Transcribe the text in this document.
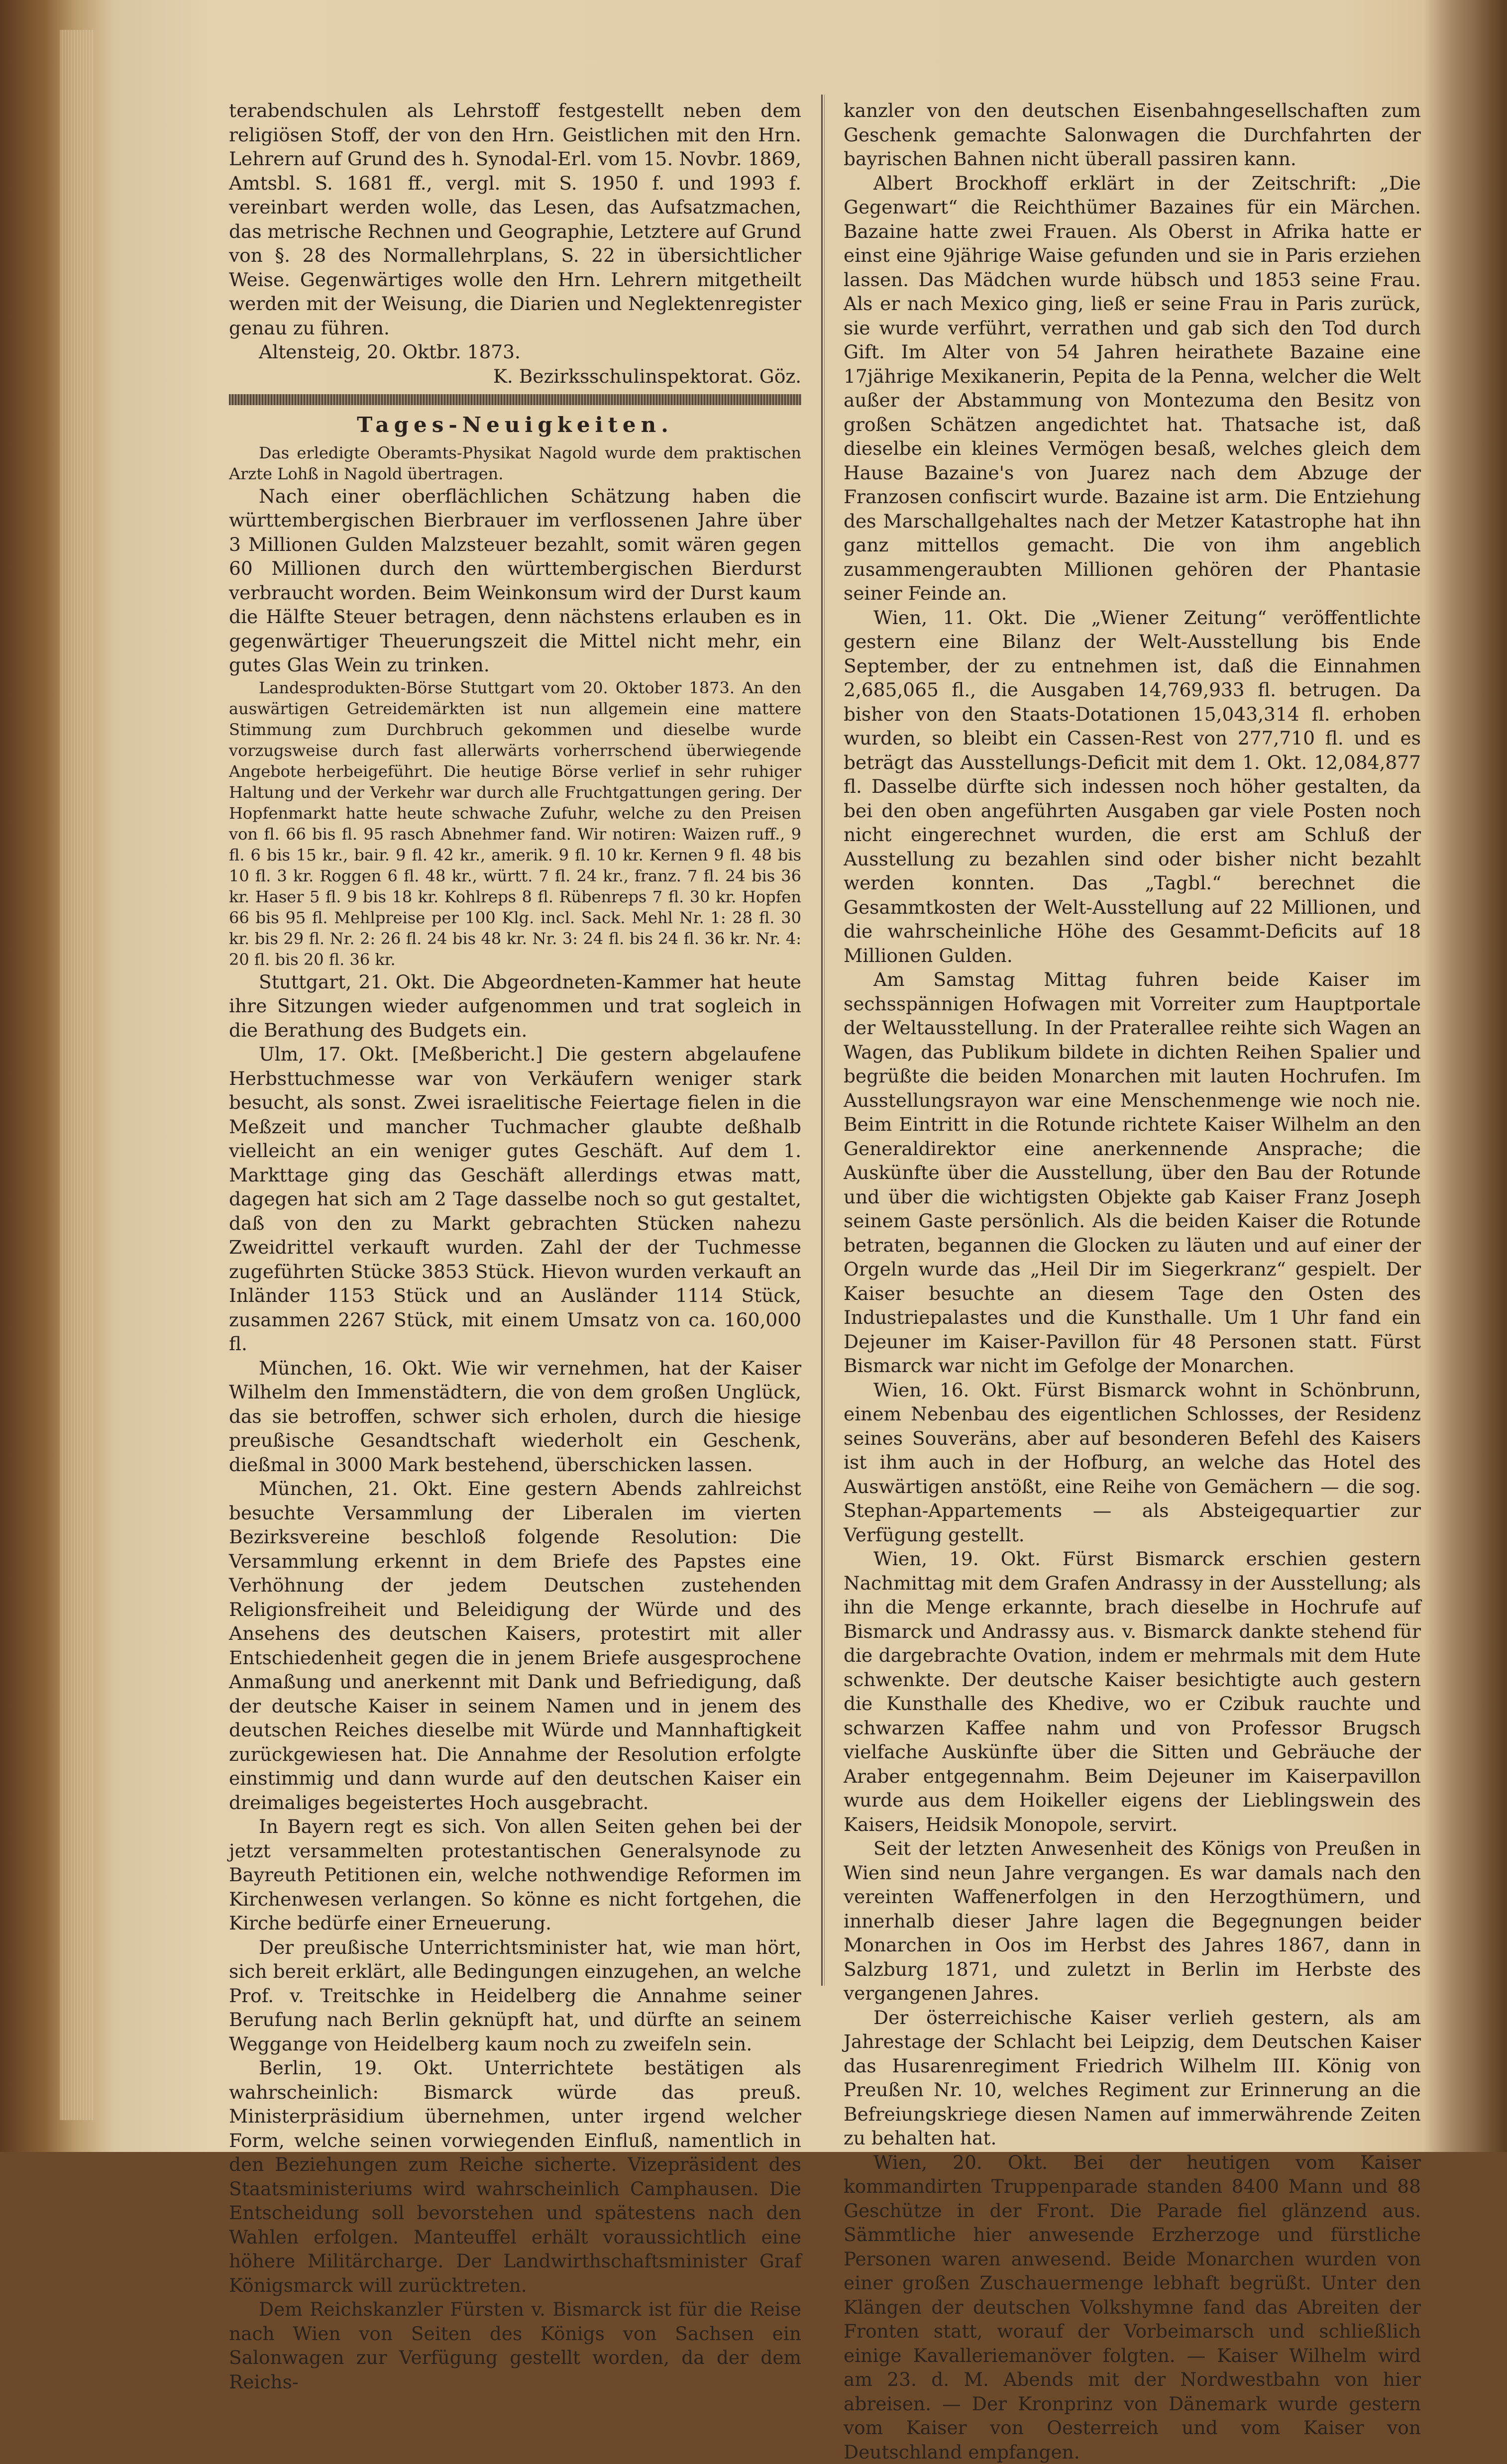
terabendschulen als Lehrstoff festgestellt neben dem religiösen Stoff, der von den Hrn. Geistlichen mit den Hrn. Lehrern auf Grund des h. Synodal-Erl. vom 15. Novbr. 1869, Amtsbl. S. 1681 ff., vergl. mit S. 1950 f. und 1993 f. vereinbart werden wolle, das Lesen, das Aufsatzmachen, das metrische Rechnen und Geographie, Letztere auf Grund von §. 28 des Normallehrplans, S. 22 in übersichtlicher Weise. Gegenwärtiges wolle den Hrn. Lehrern mitgetheilt werden mit der Weisung, die Diarien und Neglektenregister genau zu führen.

Altensteig, 20. Oktbr. 1873.

K. Bezirksschulinspektorat. Göz.

Tages-Neuigkeiten.

Das erledigte Oberamts-Physikat Nagold wurde dem praktischen Arzte Lohß in Nagold übertragen.

Nach einer oberflächlichen Schätzung haben die württembergischen Bierbrauer im verflossenen Jahre über 3 Millionen Gulden Malzsteuer bezahlt, somit wären gegen 60 Millionen durch den württembergischen Bierdurst verbraucht worden. Beim Weinkonsum wird der Durst kaum die Hälfte Steuer betragen, denn nächstens erlauben es in gegenwärtiger Theuerungszeit die Mittel nicht mehr, ein gutes Glas Wein zu trinken.

Landesprodukten-Börse Stuttgart vom 20. Oktober 1873. An den auswärtigen Getreidemärkten ist nun allgemein eine mattere Stimmung zum Durchbruch gekommen und dieselbe wurde vorzugsweise durch fast allerwärts vorherrschend überwiegende Angebote herbeigeführt. Die heutige Börse verlief in sehr ruhiger Haltung und der Verkehr war durch alle Fruchtgattungen gering. Der Hopfenmarkt hatte heute schwache Zufuhr, welche zu den Preisen von fl. 66 bis fl. 95 rasch Abnehmer fand. Wir notiren: Waizen ruff., 9 fl. 6 bis 15 kr., bair. 9 fl. 42 kr., amerik. 9 fl. 10 kr. Kernen 9 fl. 48 bis 10 fl. 3 kr. Roggen 6 fl. 48 kr., württ. 7 fl. 24 kr., franz. 7 fl. 24 bis 36 kr. Haser 5 fl. 9 bis 18 kr. Kohlreps 8 fl. Rübenreps 7 fl. 30 kr. Hopfen 66 bis 95 fl. Mehlpreise per 100 Klg. incl. Sack. Mehl Nr. 1: 28 fl. 30 kr. bis 29 fl. Nr. 2: 26 fl. 24 bis 48 kr. Nr. 3: 24 fl. bis 24 fl. 36 kr. Nr. 4: 20 fl. bis 20 fl. 36 kr.

Stuttgart, 21. Okt. Die Abgeordneten-Kammer hat heute ihre Sitzungen wieder aufgenommen und trat sogleich in die Berathung des Budgets ein.

Ulm, 17. Okt. [Meßbericht.] Die gestern abgelaufene Herbsttuchmesse war von Verkäufern weniger stark besucht, als sonst. Zwei israelitische Feiertage fielen in die Meßzeit und mancher Tuchmacher glaubte deßhalb vielleicht an ein weniger gutes Geschäft. Auf dem 1. Markttage ging das Geschäft allerdings etwas matt, dagegen hat sich am 2 Tage dasselbe noch so gut gestaltet, daß von den zu Markt gebrachten Stücken nahezu Zweidrittel verkauft wurden. Zahl der der Tuchmesse zugeführten Stücke 3853 Stück. Hievon wurden verkauft an Inländer 1153 Stück und an Ausländer 1114 Stück, zusammen 2267 Stück, mit einem Umsatz von ca. 160,000 fl.

München, 16. Okt. Wie wir vernehmen, hat der Kaiser Wilhelm den Immenstädtern, die von dem großen Unglück, das sie betroffen, schwer sich erholen, durch die hiesige preußische Gesandtschaft wiederholt ein Geschenk, dießmal in 3000 Mark bestehend, überschicken lassen.

München, 21. Okt. Eine gestern Abends zahlreichst besuchte Versammlung der Liberalen im vierten Bezirksvereine beschloß folgende Resolution: Die Versammlung erkennt in dem Briefe des Papstes eine Verhöhnung der jedem Deutschen zustehenden Religionsfreiheit und Beleidigung der Würde und des Ansehens des deutschen Kaisers, protestirt mit aller Entschiedenheit gegen die in jenem Briefe ausgesprochene Anmaßung und anerkennt mit Dank und Befriedigung, daß der deutsche Kaiser in seinem Namen und in jenem des deutschen Reiches dieselbe mit Würde und Mannhaftigkeit zurückgewiesen hat. Die Annahme der Resolution erfolgte einstimmig und dann wurde auf den deutschen Kaiser ein dreimaliges begeistertes Hoch ausgebracht.

In Bayern regt es sich. Von allen Seiten gehen bei der jetzt versammelten protestantischen Generalsynode zu Bayreuth Petitionen ein, welche nothwendige Reformen im Kirchenwesen verlangen. So könne es nicht fortgehen, die Kirche bedürfe einer Erneuerung.

Der preußische Unterrichtsminister hat, wie man hört, sich bereit erklärt, alle Bedingungen einzugehen, an welche Prof. v. Treitschke in Heidelberg die Annahme seiner Berufung nach Berlin geknüpft hat, und dürfte an seinem Weggange von Heidelberg kaum noch zu zweifeln sein.

Berlin, 19. Okt. Unterrichtete bestätigen als wahrscheinlich: Bismarck würde das preuß. Ministerpräsidium übernehmen, unter irgend welcher Form, welche seinen vorwiegenden Einfluß, namentlich in den Beziehungen zum Reiche sicherte. Vizepräsident des Staatsministeriums wird wahrscheinlich Camphausen. Die Entscheidung soll bevorstehen und spätestens nach den Wahlen erfolgen. Manteuffel erhält voraussichtlich eine höhere Militärcharge. Der Landwirthschaftsminister Graf Königsmarck will zurücktreten.

Dem Reichskanzler Fürsten v. Bismarck ist für die Reise nach Wien von Seiten des Königs von Sachsen ein Salonwagen zur Verfügung gestellt worden, da der dem Reichs-

kanzler von den deutschen Eisenbahngesellschaften zum Geschenk gemachte Salonwagen die Durchfahrten der bayrischen Bahnen nicht überall passiren kann.

Albert Brockhoff erklärt in der Zeitschrift: „Die Gegenwart“ die Reichthümer Bazaines für ein Märchen. Bazaine hatte zwei Frauen. Als Oberst in Afrika hatte er einst eine 9jährige Waise gefunden und sie in Paris erziehen lassen. Das Mädchen wurde hübsch und 1853 seine Frau. Als er nach Mexico ging, ließ er seine Frau in Paris zurück, sie wurde verführt, verrathen und gab sich den Tod durch Gift. Im Alter von 54 Jahren heirathete Bazaine eine 17jährige Mexikanerin, Pepita de la Penna, welcher die Welt außer der Abstammung von Montezuma den Besitz von großen Schätzen angedichtet hat. Thatsache ist, daß dieselbe ein kleines Vermögen besaß, welches gleich dem Hause Bazaine's von Juarez nach dem Abzuge der Franzosen confiscirt wurde. Bazaine ist arm. Die Entziehung des Marschallgehaltes nach der Metzer Katastrophe hat ihn ganz mittellos gemacht. Die von ihm angeblich zusammengeraubten Millionen gehören der Phantasie seiner Feinde an.

Wien, 11. Okt. Die „Wiener Zeitung“ veröffentlichte gestern eine Bilanz der Welt-Ausstellung bis Ende September, der zu entnehmen ist, daß die Einnahmen 2,685,065 fl., die Ausgaben 14,769,933 fl. betrugen. Da bisher von den Staats-Dotationen 15,043,314 fl. erhoben wurden, so bleibt ein Cassen-Rest von 277,710 fl. und es beträgt das Ausstellungs-Deficit mit dem 1. Okt. 12,084,877 fl. Dasselbe dürfte sich indessen noch höher gestalten, da bei den oben angeführten Ausgaben gar viele Posten noch nicht eingerechnet wurden, die erst am Schluß der Ausstellung zu bezahlen sind oder bisher nicht bezahlt werden konnten. Das „Tagbl.“ berechnet die Gesammtkosten der Welt-Ausstellung auf 22 Millionen, und die wahrscheinliche Höhe des Gesammt-Deficits auf 18 Millionen Gulden.

Am Samstag Mittag fuhren beide Kaiser im sechsspännigen Hofwagen mit Vorreiter zum Hauptportale der Weltausstellung. In der Praterallee reihte sich Wagen an Wagen, das Publikum bildete in dichten Reihen Spalier und begrüßte die beiden Monarchen mit lauten Hochrufen. Im Ausstellungsrayon war eine Menschenmenge wie noch nie. Beim Eintritt in die Rotunde richtete Kaiser Wilhelm an den Generaldirektor eine anerkennende Ansprache; die Auskünfte über die Ausstellung, über den Bau der Rotunde und über die wichtigsten Objekte gab Kaiser Franz Joseph seinem Gaste persönlich. Als die beiden Kaiser die Rotunde betraten, begannen die Glocken zu läuten und auf einer der Orgeln wurde das „Heil Dir im Siegerkranz“ gespielt. Der Kaiser besuchte an diesem Tage den Osten des Industriepalastes und die Kunsthalle. Um 1 Uhr fand ein Dejeuner im Kaiser-Pavillon für 48 Personen statt. Fürst Bismarck war nicht im Gefolge der Monarchen.

Wien, 16. Okt. Fürst Bismarck wohnt in Schönbrunn, einem Nebenbau des eigentlichen Schlosses, der Residenz seines Souveräns, aber auf besonderen Befehl des Kaisers ist ihm auch in der Hofburg, an welche das Hotel des Auswärtigen anstößt, eine Reihe von Gemächern — die sog. Stephan-Appartements — als Absteigequartier zur Verfügung gestellt.

Wien, 19. Okt. Fürst Bismarck erschien gestern Nachmittag mit dem Grafen Andrassy in der Ausstellung; als ihn die Menge erkannte, brach dieselbe in Hochrufe auf Bismarck und Andrassy aus. v. Bismarck dankte stehend für die dargebrachte Ovation, indem er mehrmals mit dem Hute schwenkte. Der deutsche Kaiser besichtigte auch gestern die Kunsthalle des Khedive, wo er Czibuk rauchte und schwarzen Kaffee nahm und von Professor Brugsch vielfache Auskünfte über die Sitten und Gebräuche der Araber entgegennahm. Beim Dejeuner im Kaiserpavillon wurde aus dem Hoikeller eigens der Lieblingswein des Kaisers, Heidsik Monopole, servirt.

Seit der letzten Anwesenheit des Königs von Preußen in Wien sind neun Jahre vergangen. Es war damals nach den vereinten Waffenerfolgen in den Herzogthümern, und innerhalb dieser Jahre lagen die Begegnungen beider Monarchen in Oos im Herbst des Jahres 1867, dann in Salzburg 1871, und zuletzt in Berlin im Herbste des vergangenen Jahres.

Der österreichische Kaiser verlieh gestern, als am Jahrestage der Schlacht bei Leipzig, dem Deutschen Kaiser das Husarenregiment Friedrich Wilhelm III. König von Preußen Nr. 10, welches Regiment zur Erinnerung an die Befreiungskriege diesen Namen auf immerwährende Zeiten zu behalten hat.

Wien, 20. Okt. Bei der heutigen vom Kaiser kommandirten Truppenparade standen 8400 Mann und 88 Geschütze in der Front. Die Parade fiel glänzend aus. Sämmtliche hier anwesende Erzherzoge und fürstliche Personen waren anwesend. Beide Monarchen wurden von einer großen Zuschauermenge lebhaft begrüßt. Unter den Klängen der deutschen Volkshymne fand das Abreiten der Fronten statt, worauf der Vorbeimarsch und schließlich einige Kavalleriemanöver folgten. — Kaiser Wilhelm wird am 23. d. M. Abends mit der Nordwestbahn von hier abreisen. — Der Kronprinz von Dänemark wurde gestern vom Kaiser von Oesterreich und vom Kaiser von Deutschland empfangen.
